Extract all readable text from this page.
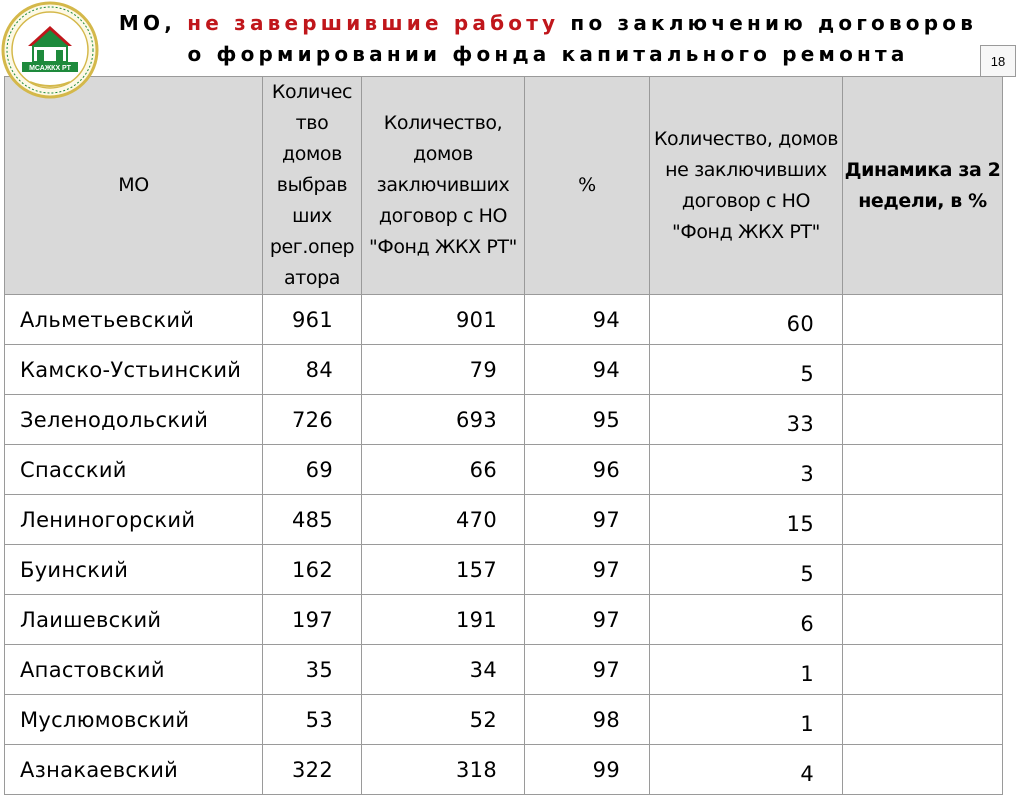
МСАЖКХ РТ
МО, не завершившие работу по заключению договоров о формировании фонда капитального ремонта	18
МО	Количес тво домов выбрав ших рег.опер атора	Количество, домов заключивших договор с НО "Фонд ЖКХ РТ"	%	Количество, домов не заключивших договор с НО "Фонд ЖКХ РТ"	Динамика за 2 недели, в %
Альметьевский	961	901	94	60	
Камско-Устьинский	84	79	94	5	
Зеленодольский	726	693	95	33	
Спасский	69	66	96	3	
Лениногорский	485	470	97	15	
Буинский	162	157	97	5	
Лаишевский	197	191	97	6	
Апастовский	35	34	97	1	
Муслюмовский	53	52	98	1	
Азнакаевский	322	318	99	4	
